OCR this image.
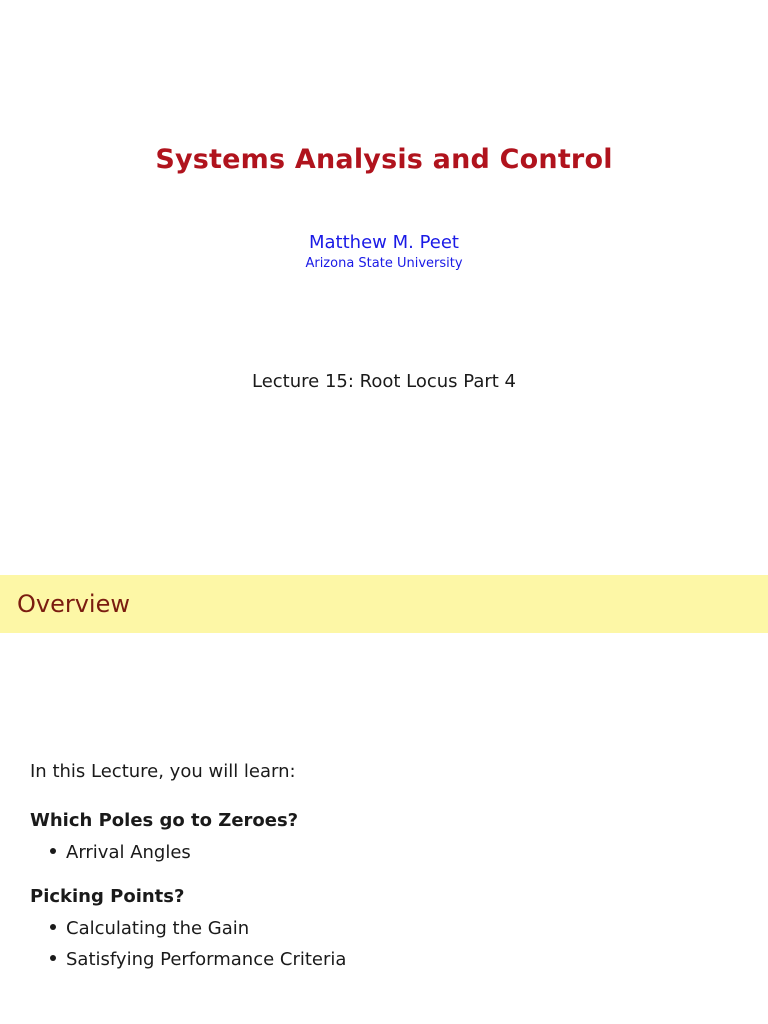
Systems Analysis and Control
Matthew M. Peet
Arizona State University
Lecture 15: Root Locus Part 4
Overview
In this Lecture, you will learn:
Which Poles go to Zeroes?
Arrival Angles
Picking Points?
Calculating the Gain
Satisfying Performance Criteria
